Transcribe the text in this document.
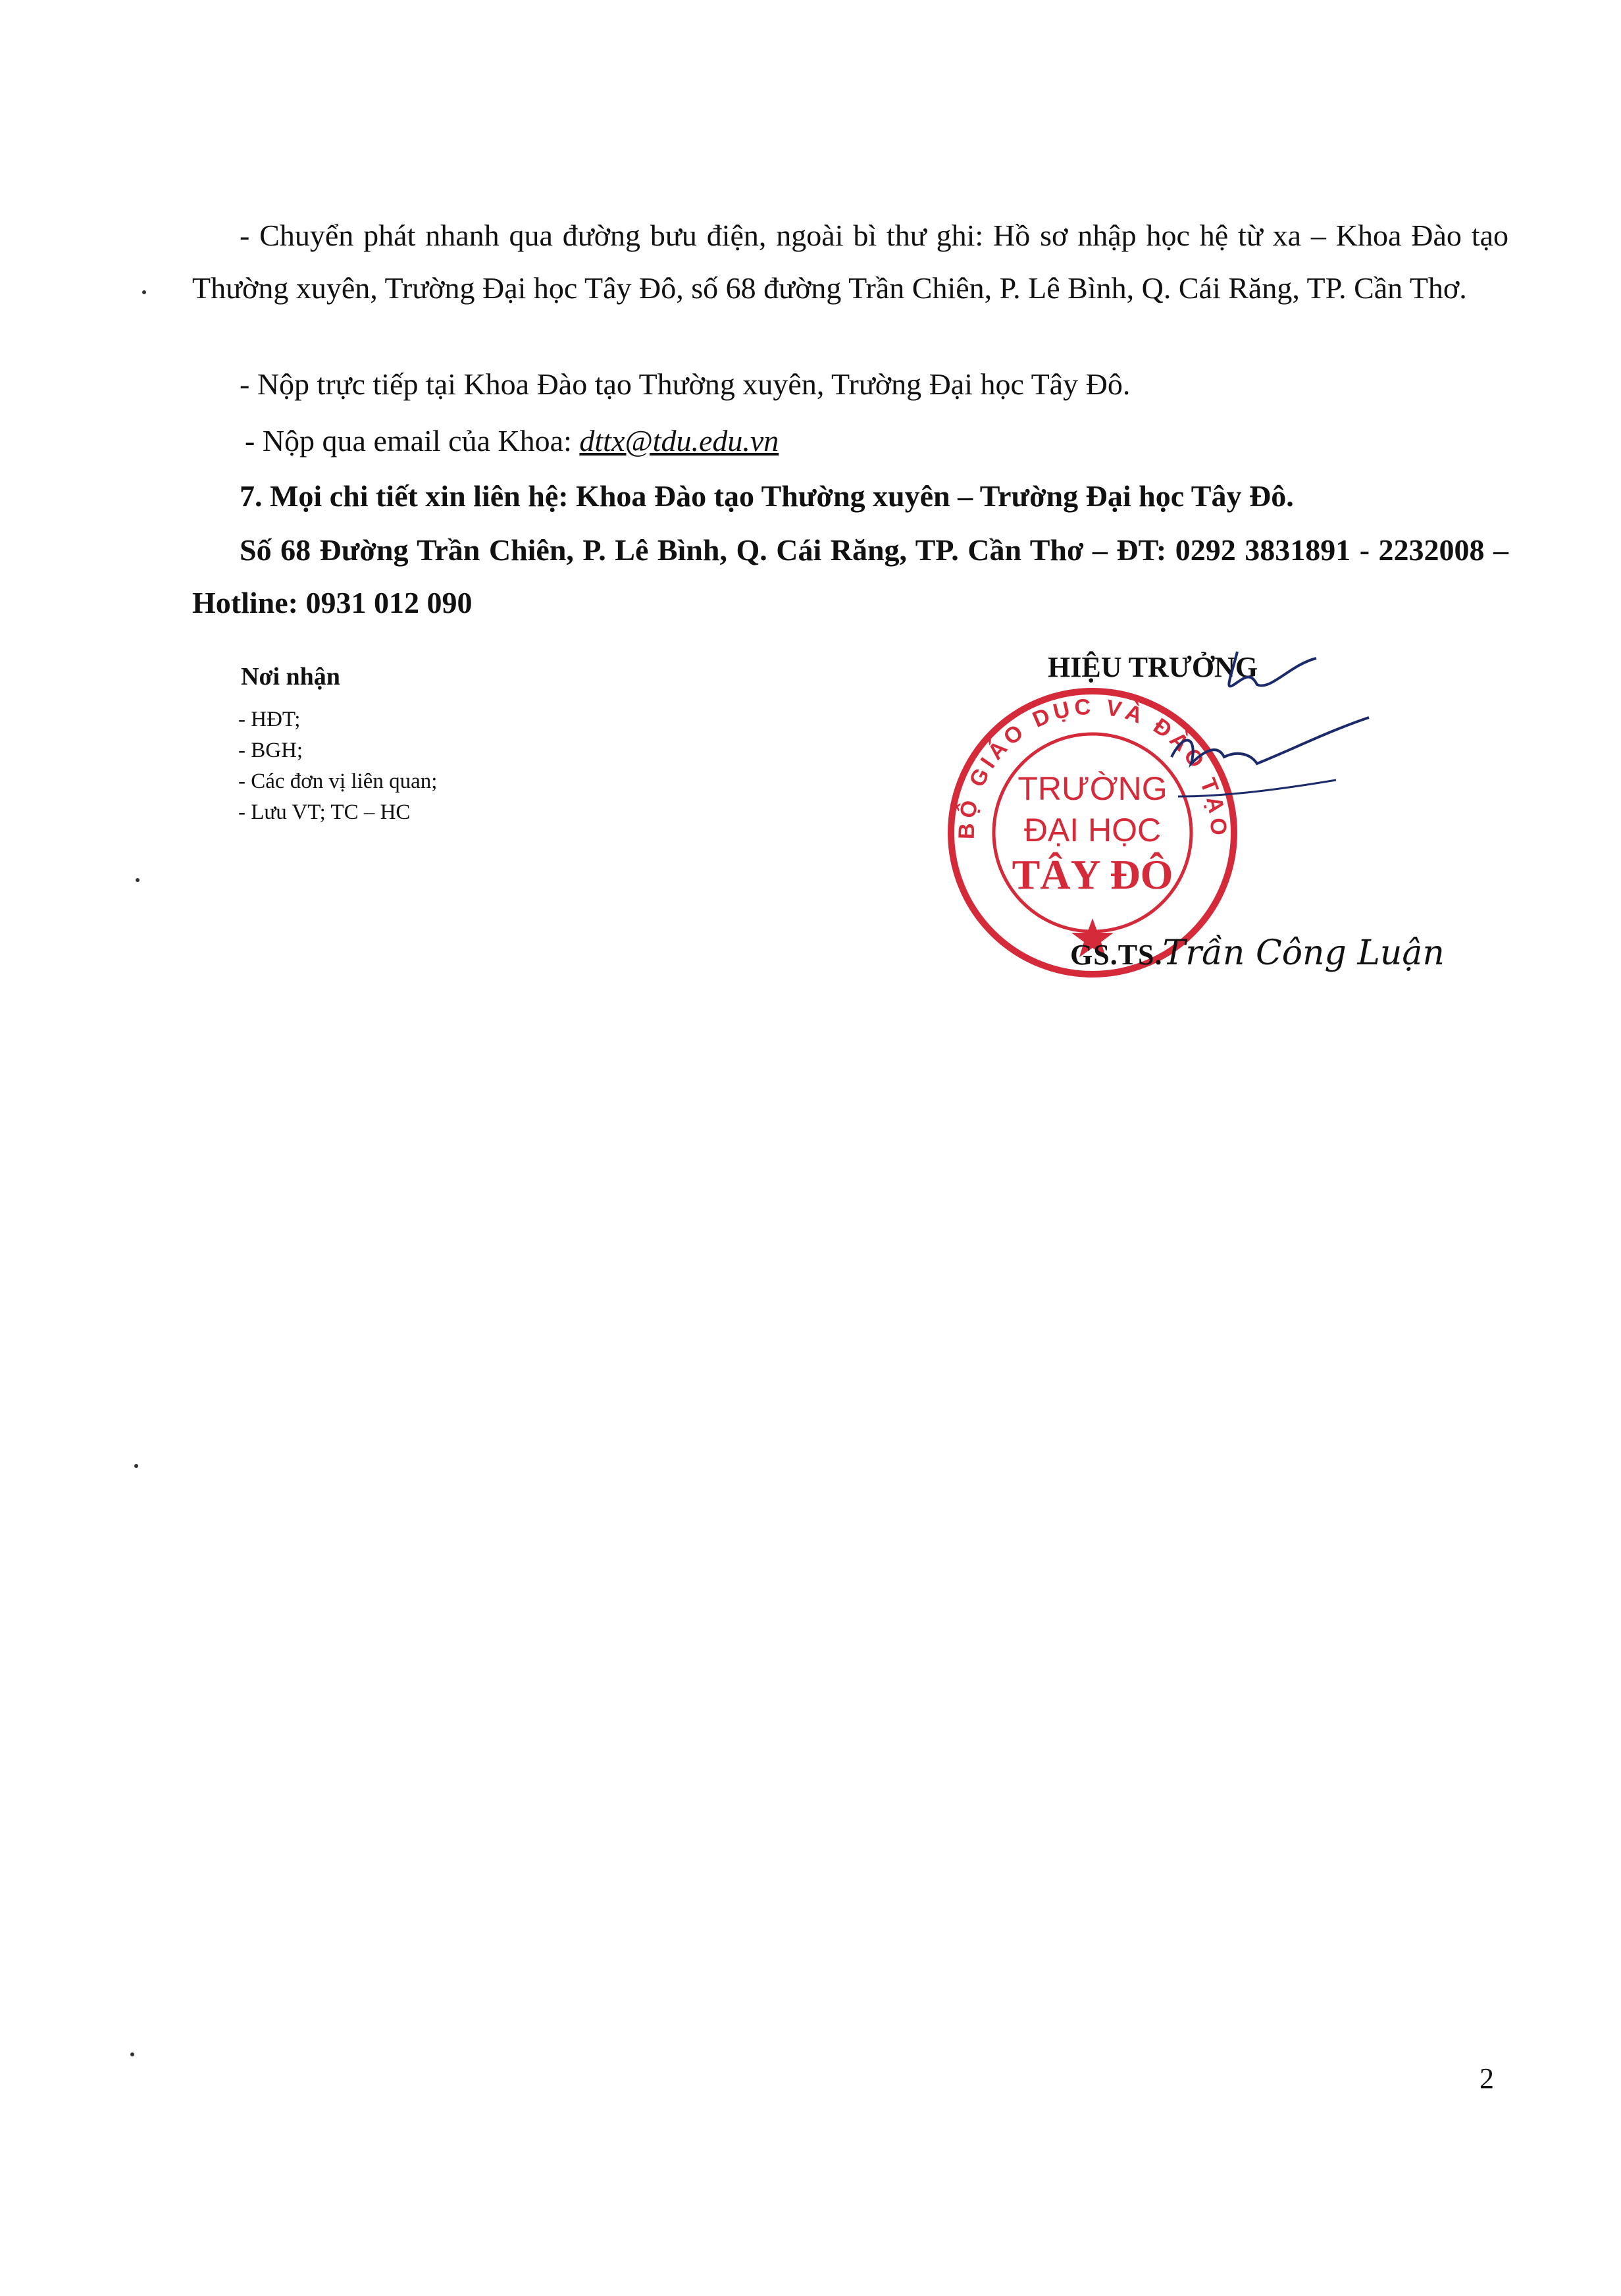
- Chuyển phát nhanh qua đường bưu điện, ngoài bì thư ghi: Hồ sơ nhập học hệ từ xa – Khoa Đào tạo Thường xuyên, Trường Đại học Tây Đô, số 68 đường Trần Chiên, P. Lê Bình, Q. Cái Răng, TP. Cần Thơ.
- Nộp trực tiếp tại Khoa Đào tạo Thường xuyên, Trường Đại học Tây Đô.
- Nộp qua email của Khoa: dttx@tdu.edu.vn
7. Mọi chi tiết xin liên hệ: Khoa Đào tạo Thường xuyên – Trường Đại học Tây Đô.
Số 68 Đường Trần Chiên, P. Lê Bình, Q. Cái Răng, TP. Cần Thơ – ĐT: 0292 3831891 - 2232008 – Hotline: 0931 012 090
Nơi nhận
- HĐT;
- BGH;
- Các đơn vị liên quan;
- Lưu VT; TC – HC
BỘ GIÁO DỤC VÀ ĐÀO TẠO
TRƯỜNG
ĐẠI HỌC
TÂY ĐÔ
HIỆU TRƯỞNG
GS.TS.Trần Công Luận
2
